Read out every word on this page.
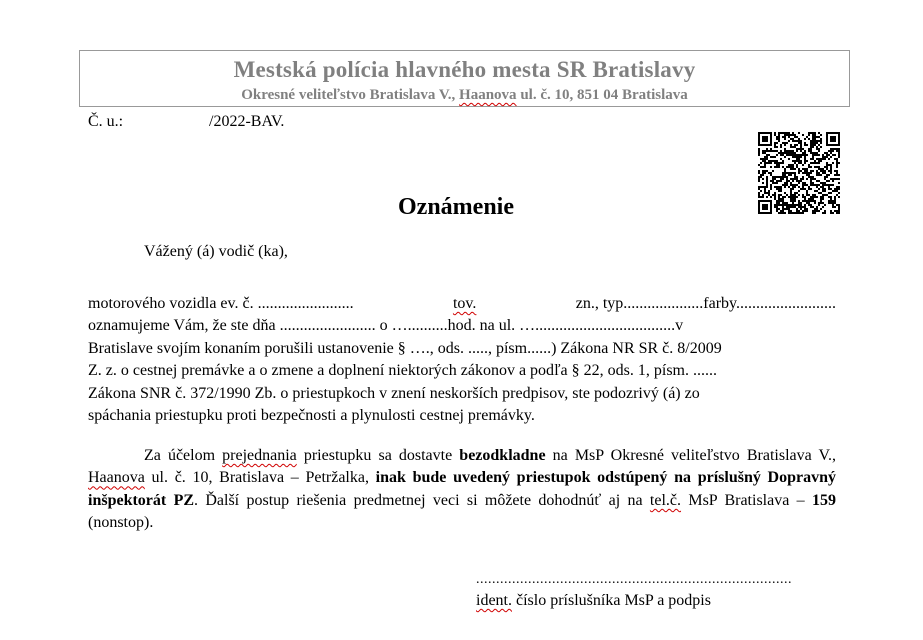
Mestská polícia hlavného mesta SR Bratislavy
Okresné veliteľstvo Bratislava V., Haanova ul. č. 10, 851 04 Bratislava
Č. u.:	/2022-BAV.
Oznámenie
Vážený (á) vodič (ka),
motorového vozidla ev. č. ........................	tov.	zn., typ....................farby.........................
oznamujeme Vám, že ste dňa ........................ o …..........hod. na ul. …...................................v
Bratislave svojím konaním porušili ustanovenie § …., ods. ....., písm......) Zákona NR SR č. 8/2009
Z. z. o cestnej premávke a o zmene a doplnení niektorých zákonov a podľa § 22, ods. 1, písm. ......
Zákona SNR č. 372/1990 Zb. o priestupkoch v znení neskorších predpisov, ste podozrivý (á) zo
spáchania priestupku proti bezpečnosti a plynulosti cestnej premávky.
Za účelom prejednania priestupku sa dostavte bezodkladne na MsP Okresné veliteľstvo Bratislava V., Haanova ul. č. 10, Bratislava – Petržalka, inak bude uvedený priestupok odstúpený na príslušný Dopravný inšpektorát PZ. Ďalší postup riešenia predmetnej veci si môžete dohodnúť aj na tel.č. MsP Bratislava – 159 (nonstop).
...............................................................................
ident. číslo príslušníka MsP a podpis
